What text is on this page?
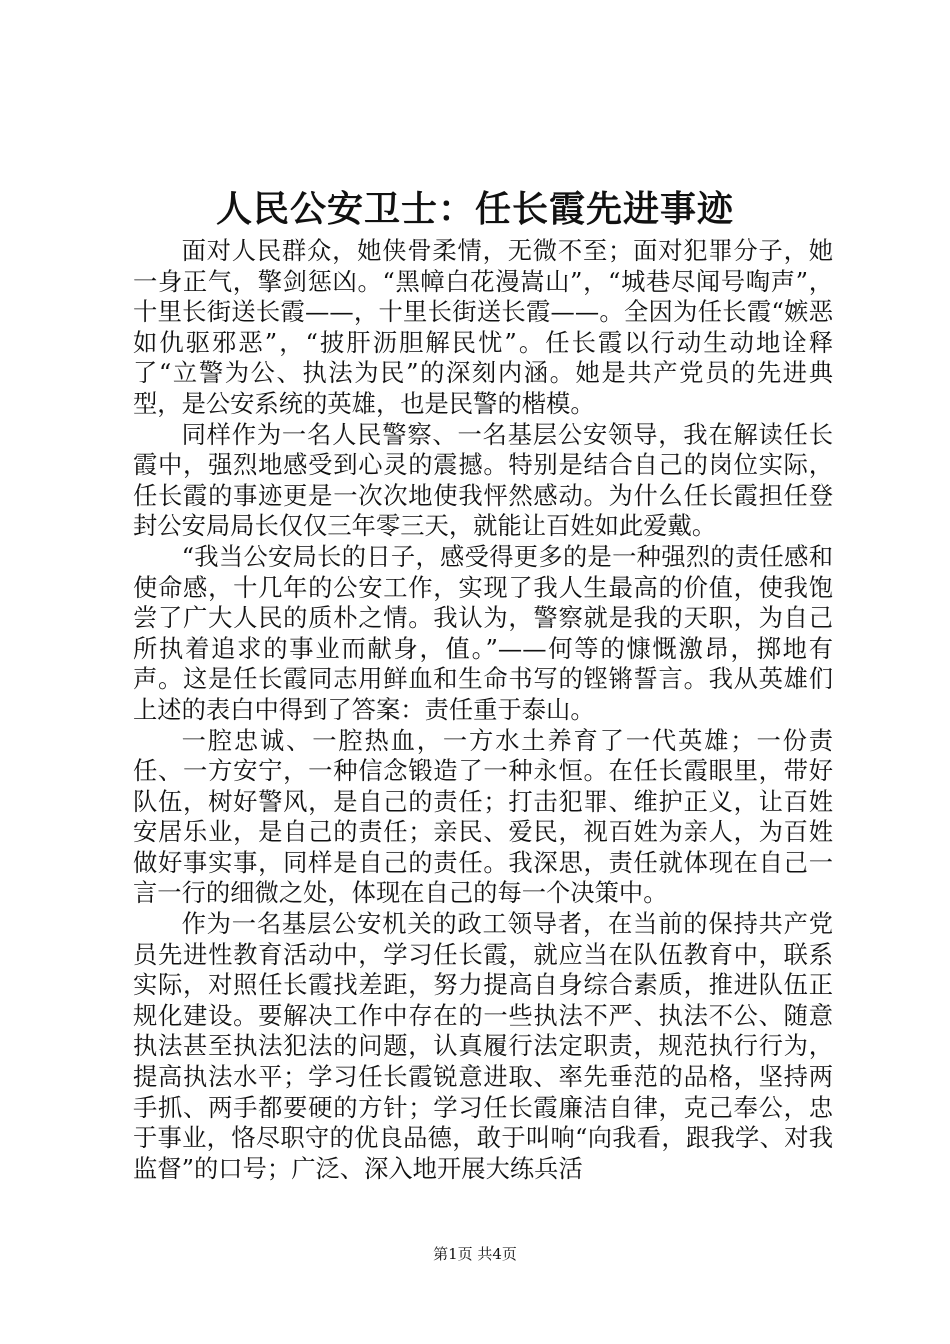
人民公安卫士：任长霞先进事迹

面对人民群众，她侠骨柔情，无微不至；面对犯罪分子，她一身正气，擎剑惩凶。“黑幛白花漫嵩山”，“城巷尽闻号啕声”，十里长街送长霞——，十里长街送长霞——。全因为任长霞“嫉恶如仇驱邪恶”，“披肝沥胆解民忧”。任长霞以行动生动地诠释了“立警为公、执法为民”的深刻内涵。她是共产党员的先进典型，是公安系统的英雄，也是民警的楷模。

同样作为一名人民警察、一名基层公安领导，我在解读任长霞中，强烈地感受到心灵的震撼。特别是结合自己的岗位实际，任长霞的事迹更是一次次地使我怦然感动。为什么任长霞担任登封公安局局长仅仅三年零三天，就能让百姓如此爱戴。

“我当公安局长的日子，感受得更多的是一种强烈的责任感和使命感，十几年的公安工作，实现了我人生最高的价值，使我饱尝了广大人民的质朴之情。我认为，警察就是我的天职，为自己所执着追求的事业而献身，值。”——何等的慷慨激昂，掷地有声。这是任长霞同志用鲜血和生命书写的铿锵誓言。我从英雄们上述的表白中得到了答案：责任重于泰山。

一腔忠诚、一腔热血，一方水土养育了一代英雄；一份责任、一方安宁，一种信念锻造了一种永恒。在任长霞眼里，带好队伍，树好警风，是自己的责任；打击犯罪、维护正义，让百姓安居乐业，是自己的责任；亲民、爱民，视百姓为亲人，为百姓做好事实事，同样是自己的责任。我深思，责任就体现在自己一言一行的细微之处，体现在自己的每一个决策中。

作为一名基层公安机关的政工领导者，在当前的保持共产党员先进性教育活动中，学习任长霞，就应当在队伍教育中，联系实际，对照任长霞找差距，努力提高自身综合素质，推进队伍正规化建设。要解决工作中存在的一些执法不严、执法不公、随意执法甚至执法犯法的问题，认真履行法定职责，规范执行行为，提高执法水平；学习任长霞锐意进取、率先垂范的品格，坚持两手抓、两手都要硬的方针；学习任长霞廉洁自律，克己奉公，忠于事业，恪尽职守的优良品德，敢于叫响“向我看，跟我学、对我监督”的口号；广泛、深入地开展大练兵活

第1页 共4页
